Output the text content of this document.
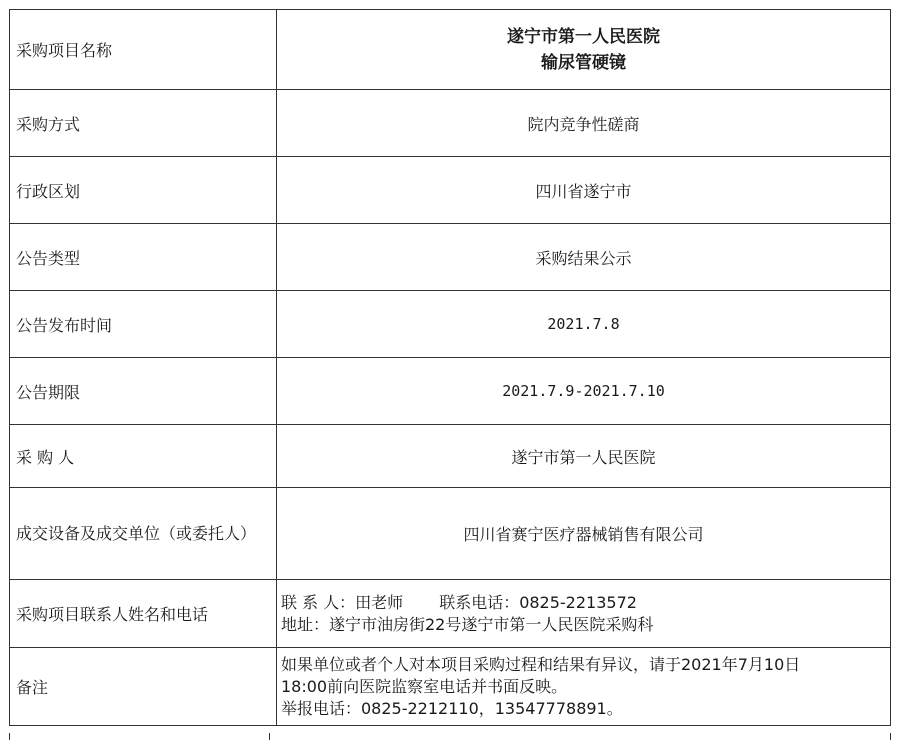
采购项目名称	遂宁市第一人民医院
输尿管硬镜

采购方式	院内竞争性磋商
行政区划	四川省遂宁市
公告类型	采购结果公示
公告发布时间	2021.7.8
公告期限	2021.7.9-2021.7.10
采 购 人	遂宁市第一人民医院
成交设备及成交单位（或委托人）	四川省赛宁医疗器械销售有限公司
采购项目联系人姓名和电话	联 系 人：田老师 联系电话：0825-2213572
地址：遂宁市油房街22号遂宁市第一人民医院采购科

备注	如果单位或者个人对本项目采购过程和结果有异议，请于2021年7月10日
18:00前向医院监察室电话并书面反映。
举报电话：0825-2212110，13547778891。
